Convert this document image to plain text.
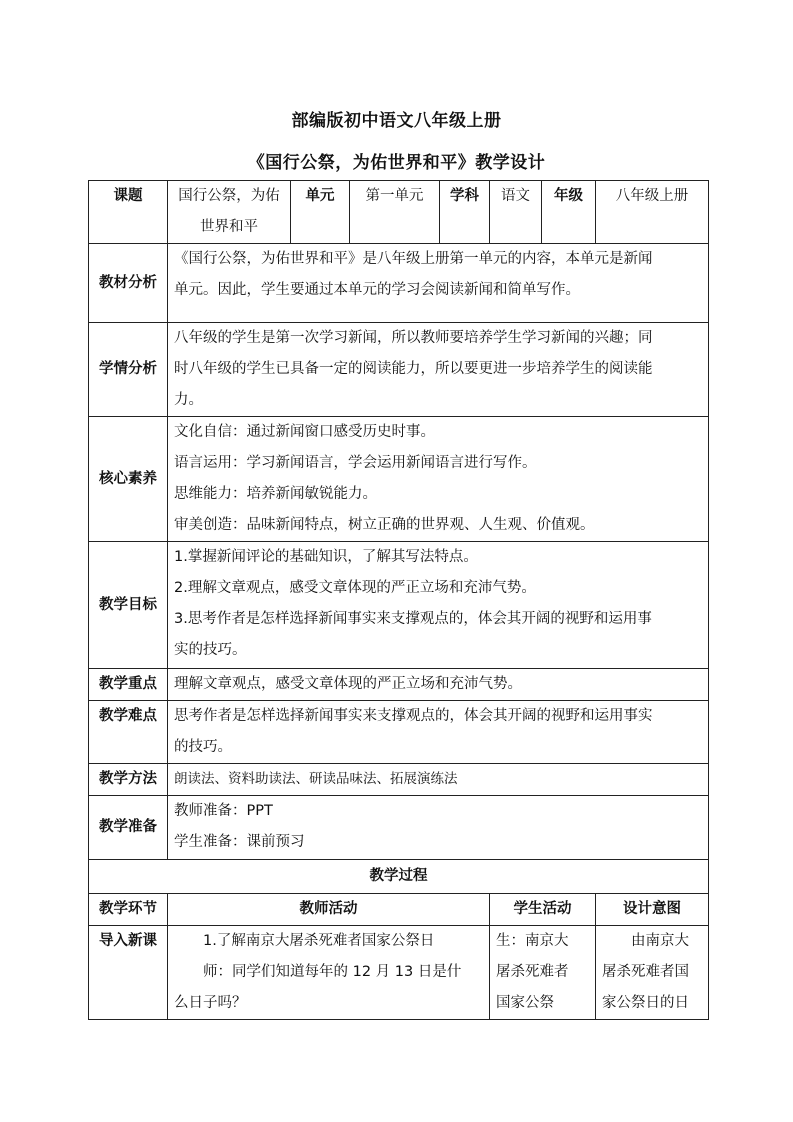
部编版初中语文八年级上册
《国行公祭，为佑世界和平》教学设计
课题	国行公祭，为佑世界和平	单元	第一单元	学科	语文	年级	八年级上册
教材分析	《国行公祭，为佑世界和平》是八年级上册第一单元的内容，本单元是新闻
单元。因此，学生要通过本单元的学习会阅读新闻和简单写作。						

学情分析	八年级的学生是第一次学习新闻，所以教师要培养学生学习新闻的兴趣；同
时八年级的学生已具备一定的阅读能力，所以要更进一步培养学生的阅读能
力。						

核心素养	文化自信：通过新闻窗口感受历史时事。
语言运用：学习新闻语言，学会运用新闻语言进行写作。
思维能力：培养新闻敏锐能力。
审美创造：品味新闻特点，树立正确的世界观、人生观、价值观。						

教学目标	1.掌握新闻评论的基础知识，了解其写法特点。
2.理解文章观点，感受文章体现的严正立场和充沛气势。
3.思考作者是怎样选择新闻事实来支撑观点的，体会其开阔的视野和运用事
实的技巧。						

教学重点	理解文章观点，感受文章体现的严正立场和充沛气势。						

教学难点	思考作者是怎样选择新闻事实来支撑观点的，体会其开阔的视野和运用事实
的技巧。						

教学方法	朗读法、资料助读法、研读品味法、拓展演练法						

教学准备	教师准备：PPT
学生准备：课前预习						

教学过程							
教学环节	教师活动				学生活动		设计意图
导入新课	1.了解南京大屠杀死难者国家公祭日
师：同学们知道每年的 12 月 13 日是什
么日子吗？				生：南京大
屠杀死难者
国家公祭		由南京大
屠杀死难者国
家公祭日的日
